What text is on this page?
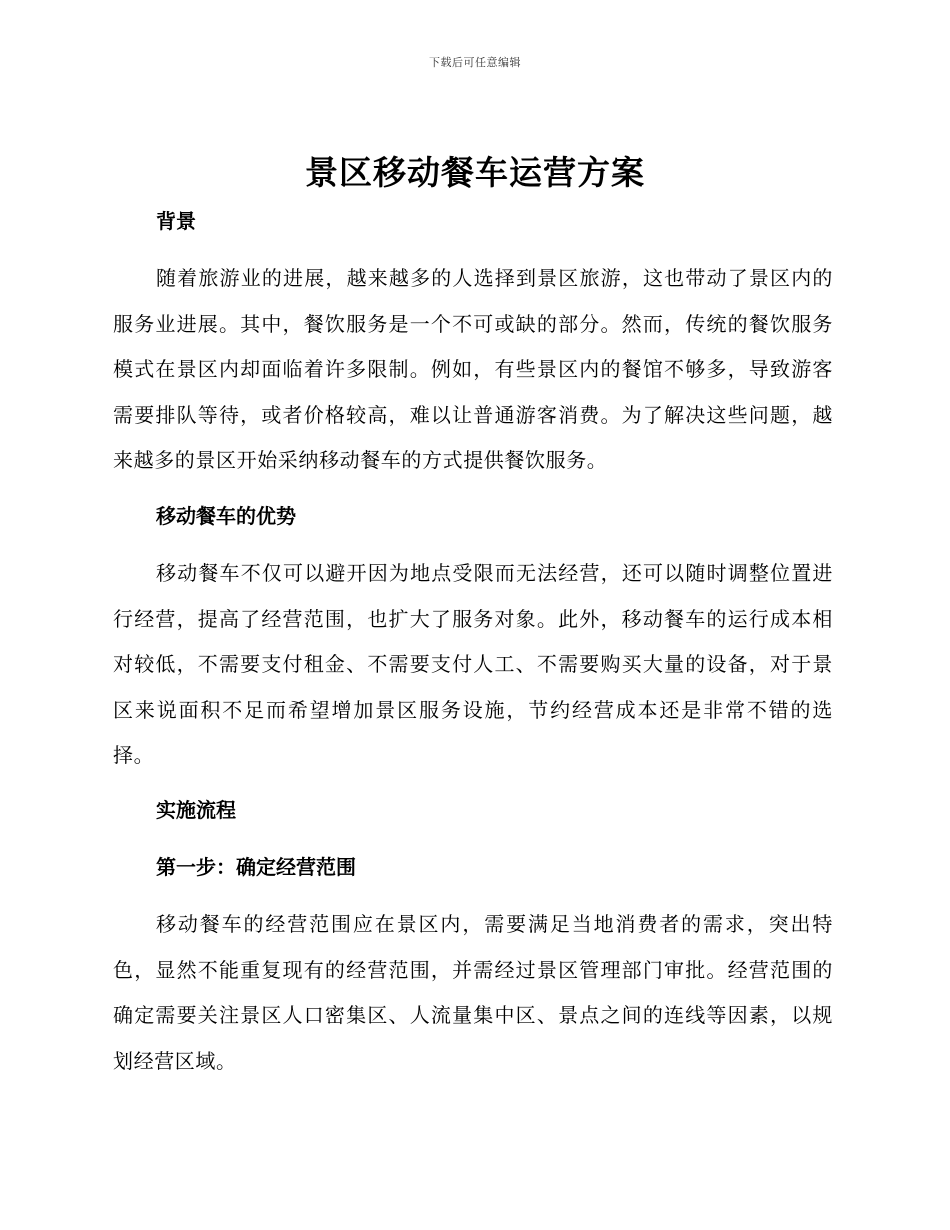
下载后可任意编辑
景区移动餐车运营方案
背景

随着旅游业的进展，越来越多的人选择到景区旅游，这也带动了景区内的服务业进展。其中，餐饮服务是一个不可或缺的部分。然而，传统的餐饮服务模式在景区内却面临着许多限制。例如，有些景区内的餐馆不够多，导致游客需要排队等待，或者价格较高，难以让普通游客消费。为了解决这些问题，越来越多的景区开始采纳移动餐车的方式提供餐饮服务。

移动餐车的优势

移动餐车不仅可以避开因为地点受限而无法经营，还可以随时调整位置进行经营，提高了经营范围，也扩大了服务对象。此外，移动餐车的运行成本相对较低，不需要支付租金、不需要支付人工、不需要购买大量的设备，对于景区来说面积不足而希望增加景区服务设施，节约经营成本还是非常不错的选择。

实施流程
第一步：确定经营范围

移动餐车的经营范围应在景区内，需要满足当地消费者的需求，突出特色，显然不能重复现有的经营范围，并需经过景区管理部门审批。经营范围的确定需要关注景区人口密集区、人流量集中区、景点之间的连线等因素，以规划经营区域。
